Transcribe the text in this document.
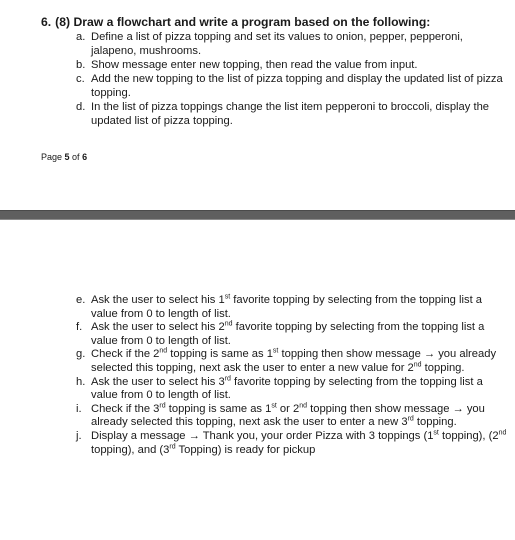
6. (8) Draw a flowchart and write a program based on the following:

a. Define a list of pizza topping and set its values to onion, pepper, pepperoni, jalapeno, mushrooms.
b. Show message enter new topping, then read the value from input.
c. Add the new topping to the list of pizza topping and display the updated list of pizza topping.
d. In the list of pizza toppings change the list item pepperoni to broccoli, display the updated list of pizza topping.
Page 5 of 6
e. Ask the user to select his 1st favorite topping by selecting from the topping list a value from 0 to length of list.
f. Ask the user to select his 2nd favorite topping by selecting from the topping list a value from 0 to length of list.
g. Check if the 2nd topping is same as 1st topping then show message → you already selected this topping, next ask the user to enter a new value for 2nd topping.
h. Ask the user to select his 3rd favorite topping by selecting from the topping list a value from 0 to length of list.
i. Check if the 3rd topping is same as 1st or 2nd topping then show message → you already selected this topping, next ask the user to enter a new 3rd topping.
j. Display a message → Thank you, your order Pizza with 3 toppings (1st topping), (2nd topping), and (3rd Topping) is ready for pickup
